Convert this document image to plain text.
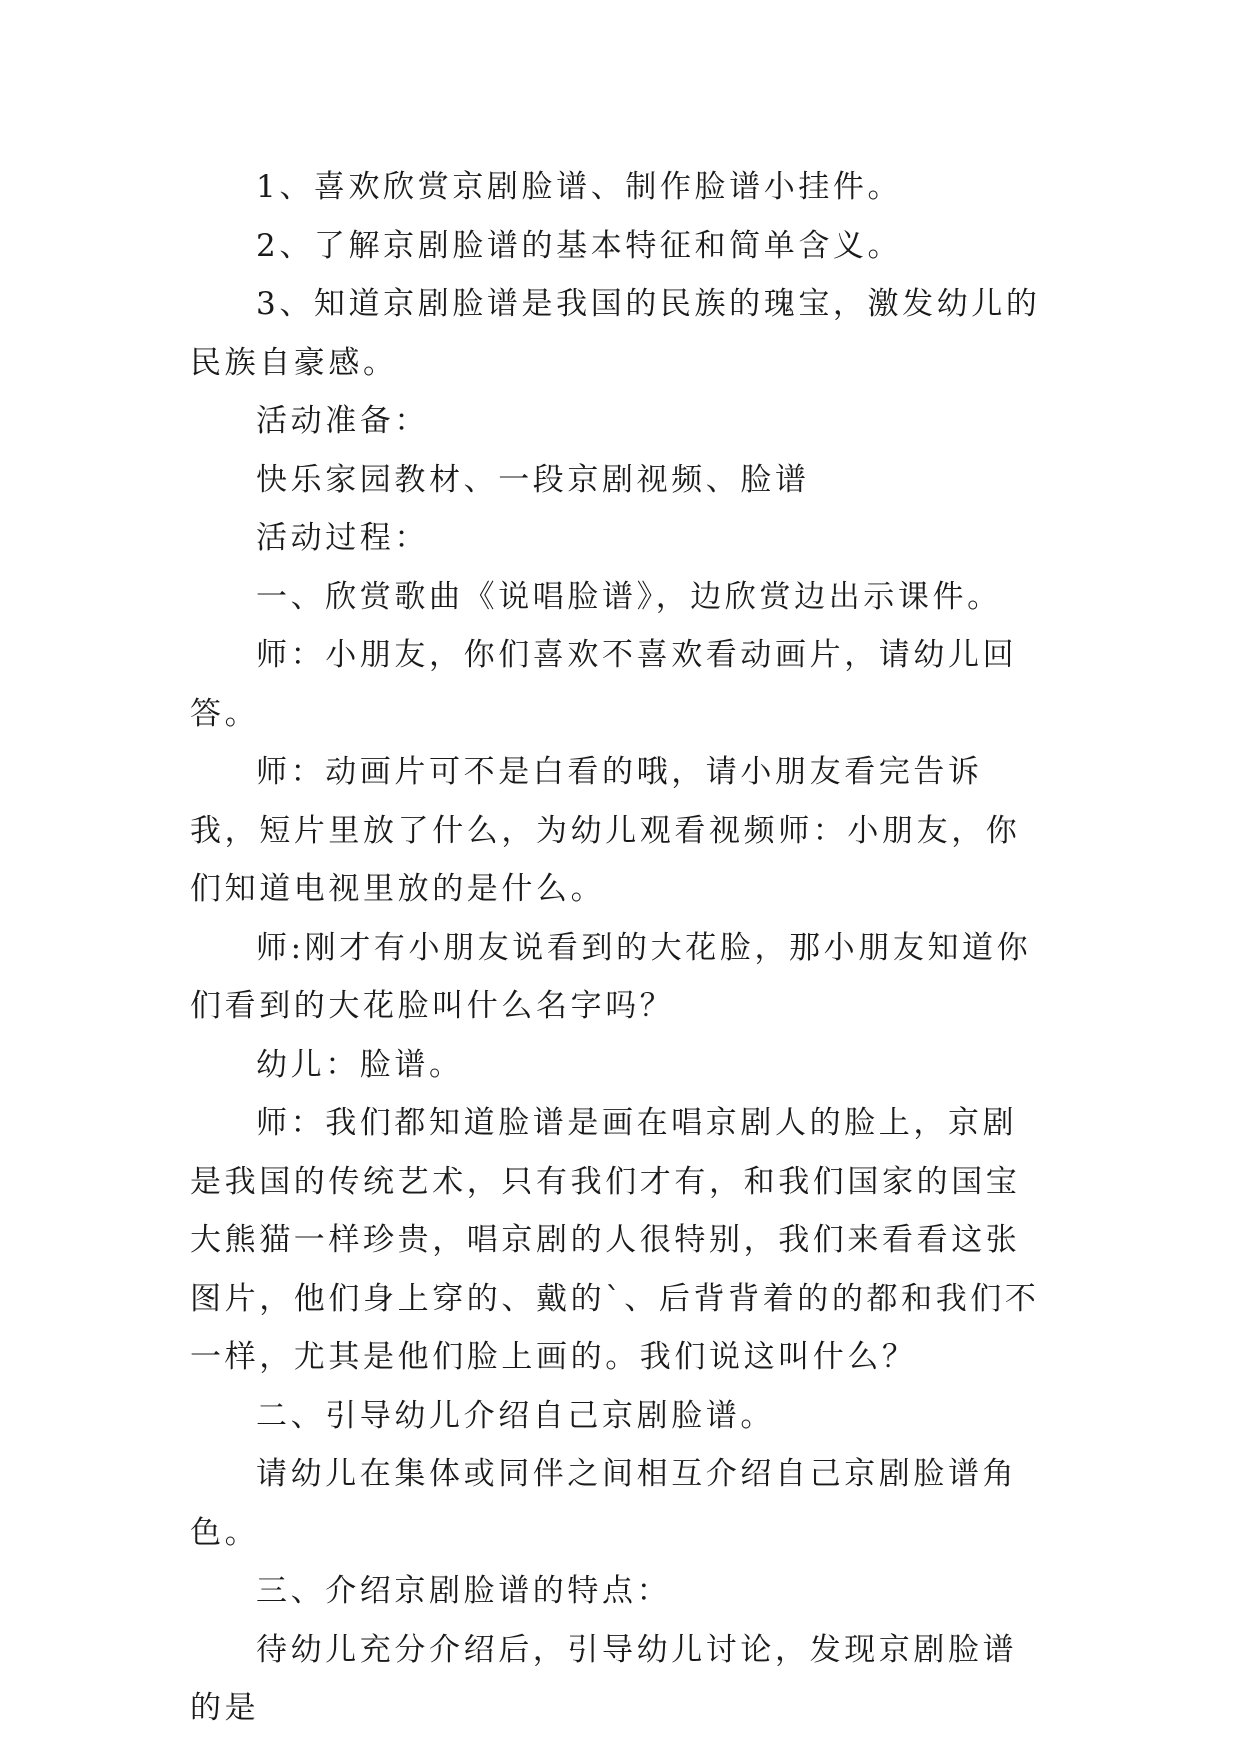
1、喜欢欣赏京剧脸谱、制作脸谱小挂件。

2、了解京剧脸谱的基本特征和简单含义。

3、知道京剧脸谱是我国的民族的瑰宝，激发幼儿的民族自豪感。

活动准备：

快乐家园教材、一段京剧视频、脸谱

活动过程：

一、欣赏歌曲《说唱脸谱》，边欣赏边出示课件。

师：小朋友，你们喜欢不喜欢看动画片，请幼儿回答。

师：动画片可不是白看的哦，请小朋友看完告诉我，短片里放了什么，为幼儿观看视频师：小朋友，你们知道电视里放的是什么。

师:刚才有小朋友说看到的大花脸，那小朋友知道你们看到的大花脸叫什么名字吗？

幼儿：脸谱。

师：我们都知道脸谱是画在唱京剧人的脸上，京剧是我国的传统艺术，只有我们才有，和我们国家的国宝大熊猫一样珍贵，唱京剧的人很特别，我们来看看这张图片，他们身上穿的、戴的`、后背背着的的都和我们不一样，尤其是他们脸上画的。我们说这叫什么？

二、引导幼儿介绍自己京剧脸谱。

请幼儿在集体或同伴之间相互介绍自己京剧脸谱角色。

三、介绍京剧脸谱的特点：

待幼儿充分介绍后，引导幼儿讨论，发现京剧脸谱的是
